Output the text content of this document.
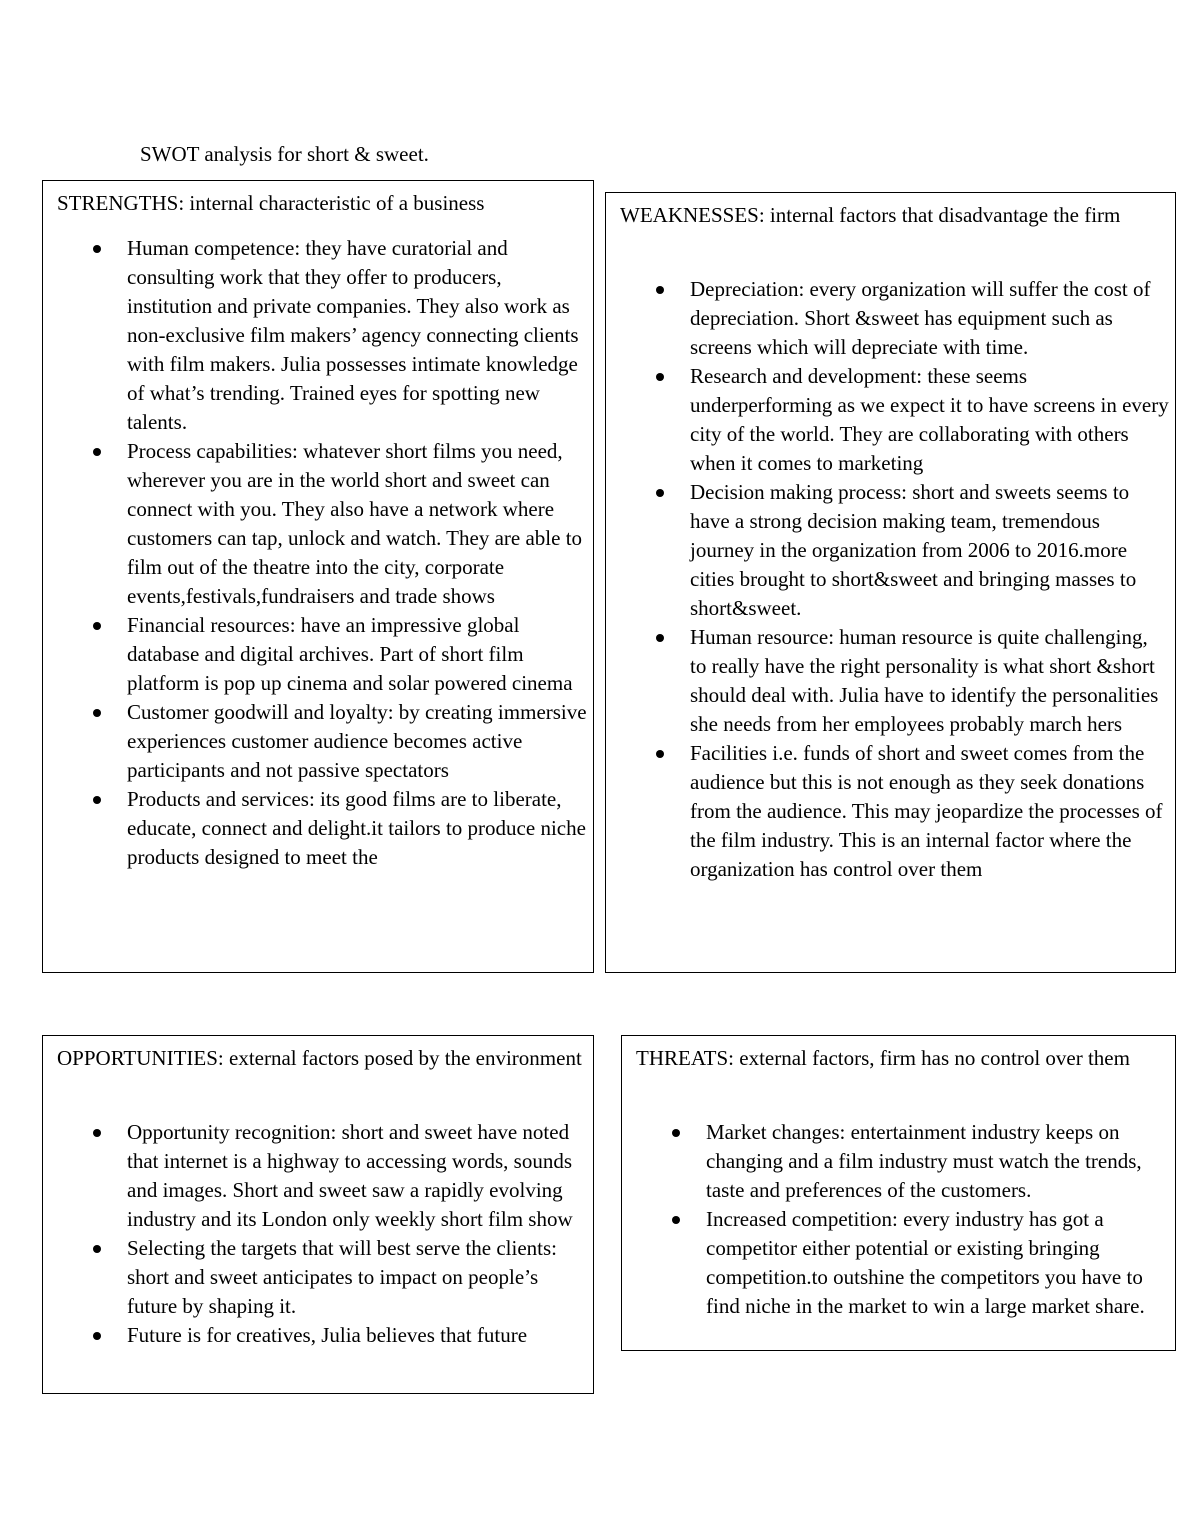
SWOT analysis for short & sweet.

STRENGTHS: internal characteristic of a business

Human competence: they have curatorial and consulting work that they offer to producers, institution and private companies. They also work as non-exclusive film makers’ agency connecting clients with film makers. Julia possesses intimate knowledge of what’s trending. Trained eyes for spotting new talents.
Process capabilities: whatever short films you need, wherever you are in the world short and sweet can connect with you. They also have a network where customers can tap, unlock and watch. They are able to film out of the theatre into the city, corporate events,festivals,fundraisers and trade shows
Financial resources: have an impressive global database and digital archives. Part of short film platform is pop up cinema and solar powered cinema
Customer goodwill and loyalty: by creating immersive experiences customer audience becomes active participants and not passive spectators
Products and services: its good films are to liberate, educate, connect and delight.it tailors to produce niche products designed to meet the

WEAKNESSES: internal factors that disadvantage the firm

Depreciation: every organization will suffer the cost of depreciation. Short &sweet has equipment such as screens which will depreciate with time.
Research and development: these seems underperforming as we expect it to have screens in every city of the world. They are collaborating with others when it comes to marketing
Decision making process: short and sweets seems to have a strong decision making team, tremendous journey in the organization from 2006 to 2016.more cities brought to short&sweet and bringing masses to short&sweet.
Human resource: human resource is quite challenging, to really have the right personality is what short &short should deal with. Julia have to identify the personalities she needs from her employees probably march hers
Facilities i.e. funds of short and sweet comes from the audience but this is not enough as they seek donations from the audience. This may jeopardize the processes of the film industry. This is an internal factor where the organization has control over them

OPPORTUNITIES: external factors posed by the environment

Opportunity recognition: short and sweet have noted that internet is a highway to accessing words, sounds and images. Short and sweet saw a rapidly evolving industry and its London only weekly short film show
Selecting the targets that will best serve the clients: short and sweet anticipates to impact on people’s future by shaping it.
Future is for creatives, Julia believes that future

THREATS: external factors, firm has no control over them

Market changes: entertainment industry keeps on changing and a film industry must watch the trends, taste and preferences of the customers.
Increased competition: every industry has got a competitor either potential or existing bringing competition.to outshine the competitors you have to find niche in the market to win a large market share.
